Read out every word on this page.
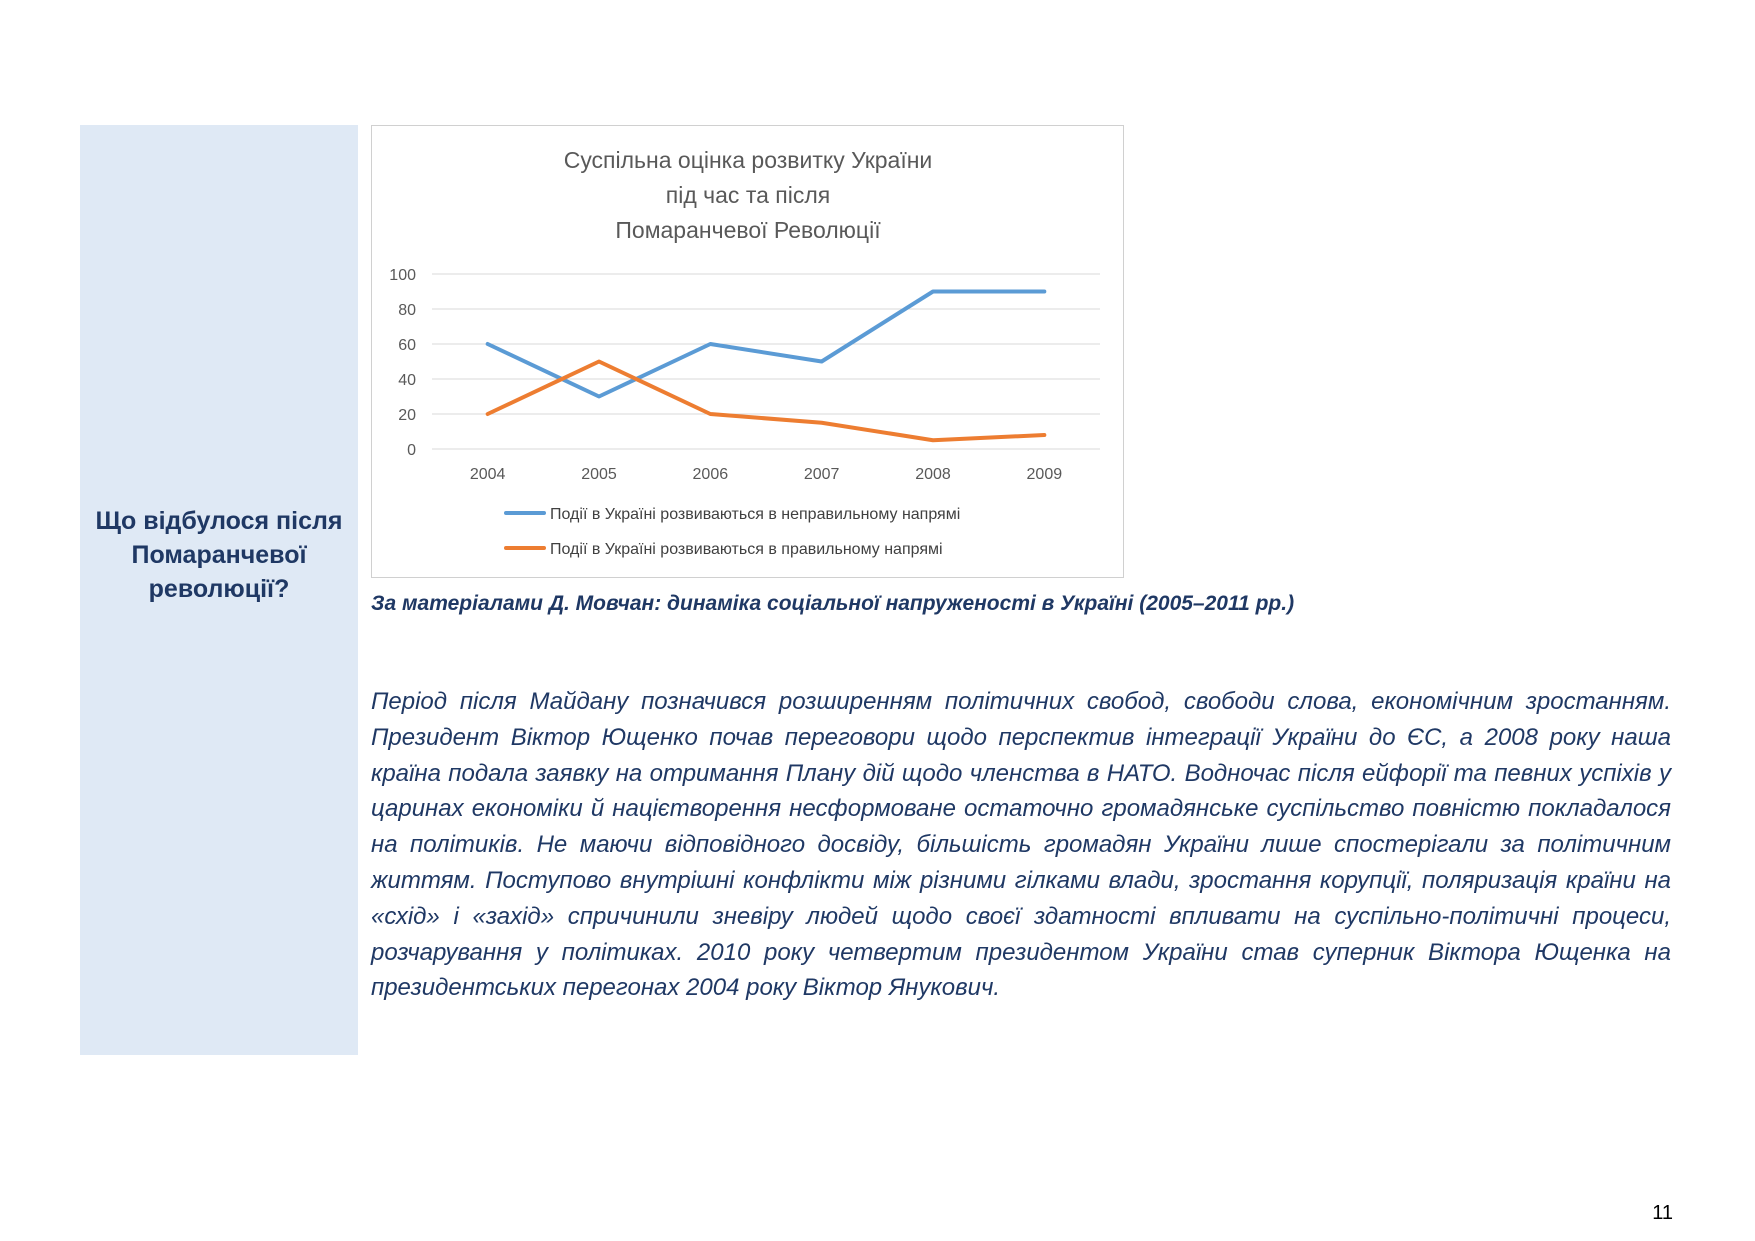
Що відбулося після Помаранчевої революції?
Суспільна оцінка розвитку України
під час та після
Помаранчевої Революції
0
20
40
60
80
100
2004	2005	2006	2007	2008	2009
Події в Україні розвиваються в неправильному напрямі
Події в Україні розвиваються в правильному напрямі
За матеріалами Д. Мовчан: динаміка соціальної напруженості в Україні (2005–2011 рр.)

Період після Майдану позначився розширенням політичних свобод, свободи слова, економічним зростанням. Президент Віктор Ющенко почав переговори щодо перспектив інтеграції України до ЄС, а 2008 року наша країна подала заявку на отримання Плану дій щодо членства в НАТО. Водночас після ейфорії та певних успіхів у царинах економіки й націєтворення несформоване остаточно громадянське суспільство повністю покладалося на політиків. Не маючи відповідного досвіду, більшість громадян України лише спостерігали за політичним життям. Поступово внутрішні конфлікти між різними гілками влади, зростання корупції, поляризація країни на «схід» і «захід» спричинили зневіру людей щодо своєї здатності впливати на суспільно-політичні процеси, розчарування у політиках. 2010 року четвертим президентом України став суперник Віктора Ющенка на президентських перегонах 2004 року Віктор Янукович.

11
